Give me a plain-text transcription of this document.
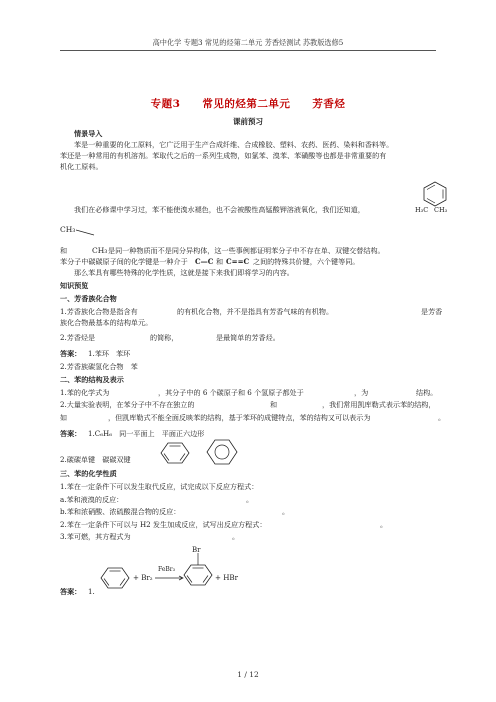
高中化学 专题3 常见的烃第二单元 芳香烃测试 苏教版选修5
专题3　　常见的烃第二单元　　芳香烃
课前预习
情景导入
苯是一种重要的化工原料，它广泛用于生产合成纤维、合成橡胶、塑料、农药、医药、染料和香料等。
苯还是一种常用的有机溶剂。苯取代之后的一系列生成物，如氯苯、溴苯、苯磺酸等也都是非常重要的有
机化工原料。
我们在必修课中学习过，苯不能使溴水褪色，也不会被酸性高锰酸钾溶液氧化，我们还知道，	H₃C CH₃
CH₃
和	CH₃ 是同一种物质而不是同分异构体，这一些事例都证明苯分子中不存在单、双键交替结构。
苯分子中碳碳原子间的化学键是一种介于 C—C 和 C==C 之间的特殊共价键，六个键等同。
那么苯具有哪些特殊的化学性质，这就是接下来我们即将学习的内容。
知识预览
一、芳香族化合物
1.芳香族化合物是指含有	的有机化合物，并不是指具有芳香气味的有机物。	是芳香
族化合物最基本的结构单元。
2.芳香烃是	的简称，	是最简单的芳香烃。
答案： 1.苯环　苯环
2.芳香族碳氢化合物　苯
二、苯的结构及表示
1.苯的化学式为	，其分子中的 6 个碳原子和 6 个氢原子都处于	，为	结构。
2.大量实验表明，在苯分子中不存在独立的	和	，我们常用凯库勒式表示苯的结构，
如	，但凯库勒式不能全面反映苯的结构，基于苯环的成键特点，苯的结构又可以表示为	。
答案： 1.C₆H₆　同一平面上　平面正六边形
2.碳碳单键　碳碳双键
三、苯的化学性质
1.苯在一定条件下可以发生取代反应，试完成以下反应方程式：
a.苯和液溴的反应：	。
b.苯和浓硝酸、浓硫酸混合物的反应：	。
2.苯在一定条件下可以与 H2 发生加成反应，试写出反应方程式：	。
3.苯可燃，其方程式为	。
Br
+ Br₂
FeBr₃
+ HBr
答案： 1.
1 / 12
